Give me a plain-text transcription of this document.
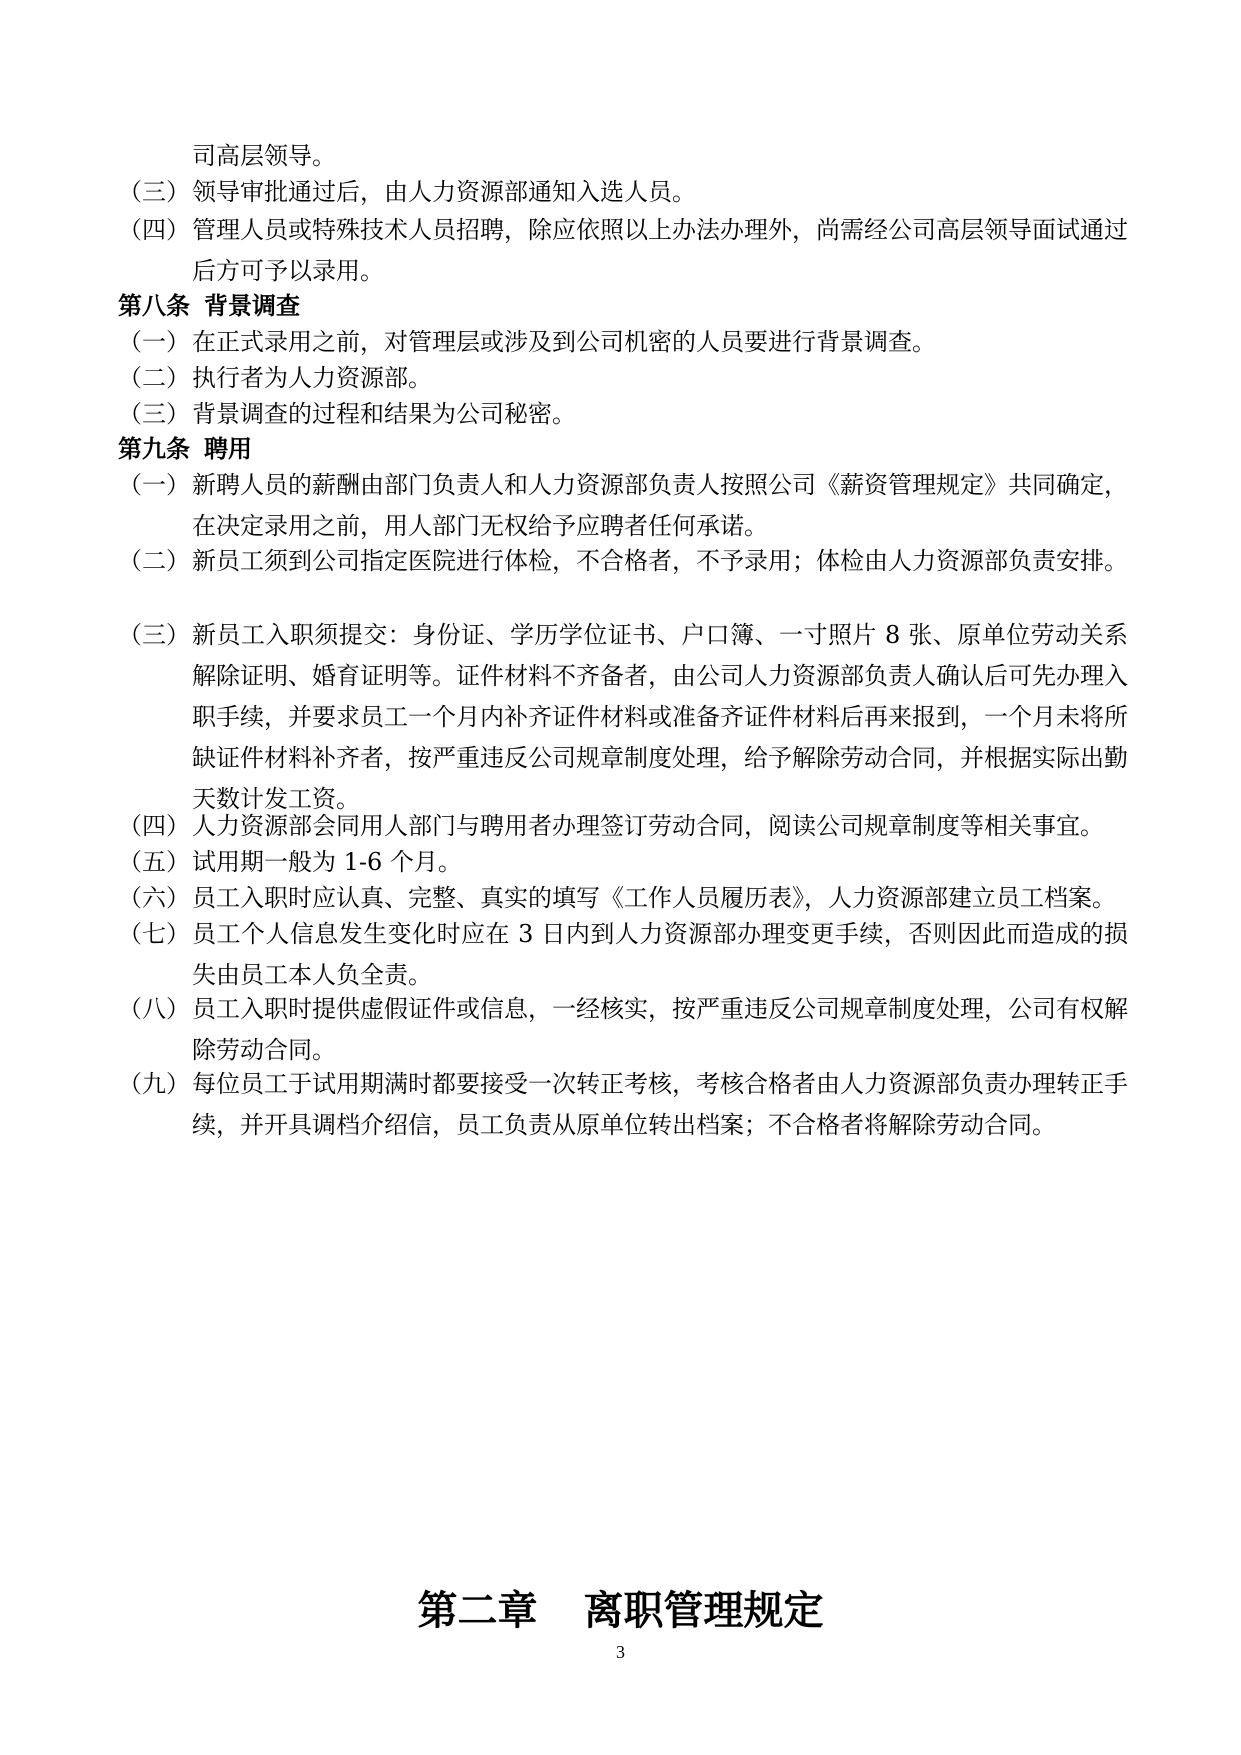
司高层领导。
（三） 领导审批通过后，由人力资源部通知入选人员。
（四） 管理人员或特殊技术人员招聘，除应依照以上办法办理外，尚需经公司高层领导面试通过后方可予以录用。
第八条 背景调查
（一） 在正式录用之前，对管理层或涉及到公司机密的人员要进行背景调查。
（二） 执行者为人力资源部。
（三） 背景调查的过程和结果为公司秘密。
第九条 聘用
（一） 新聘人员的薪酬由部门负责人和人力资源部负责人按照公司《薪资管理规定》共同确定，在决定录用之前，用人部门无权给予应聘者任何承诺。
（二） 新员工须到公司指定医院进行体检，不合格者，不予录用；体检由人力资源部负责安排。
（三） 新员工入职须提交：身份证、学历学位证书、户口簿、一寸照片 8 张、原单位劳动关系解除证明、婚育证明等。证件材料不齐备者，由公司人力资源部负责人确认后可先办理入职手续，并要求员工一个月内补齐证件材料或准备齐证件材料后再来报到，一个月未将所缺证件材料补齐者，按严重违反公司规章制度处理，给予解除劳动合同，并根据实际出勤天数计发工资。
（四） 人力资源部会同用人部门与聘用者办理签订劳动合同，阅读公司规章制度等相关事宜。
（五） 试用期一般为 1-6 个月。
（六） 员工入职时应认真、完整、真实的填写《工作人员履历表》，人力资源部建立员工档案。
（七） 员工个人信息发生变化时应在 3 日内到人力资源部办理变更手续，否则因此而造成的损失由员工本人负全责。
（八） 员工入职时提供虚假证件或信息，一经核实，按严重违反公司规章制度处理，公司有权解除劳动合同。
（九） 每位员工于试用期满时都要接受一次转正考核，考核合格者由人力资源部负责办理转正手续，并开具调档介绍信，员工负责从原单位转出档案；不合格者将解除劳动合同。
第二章 离职管理规定
3
